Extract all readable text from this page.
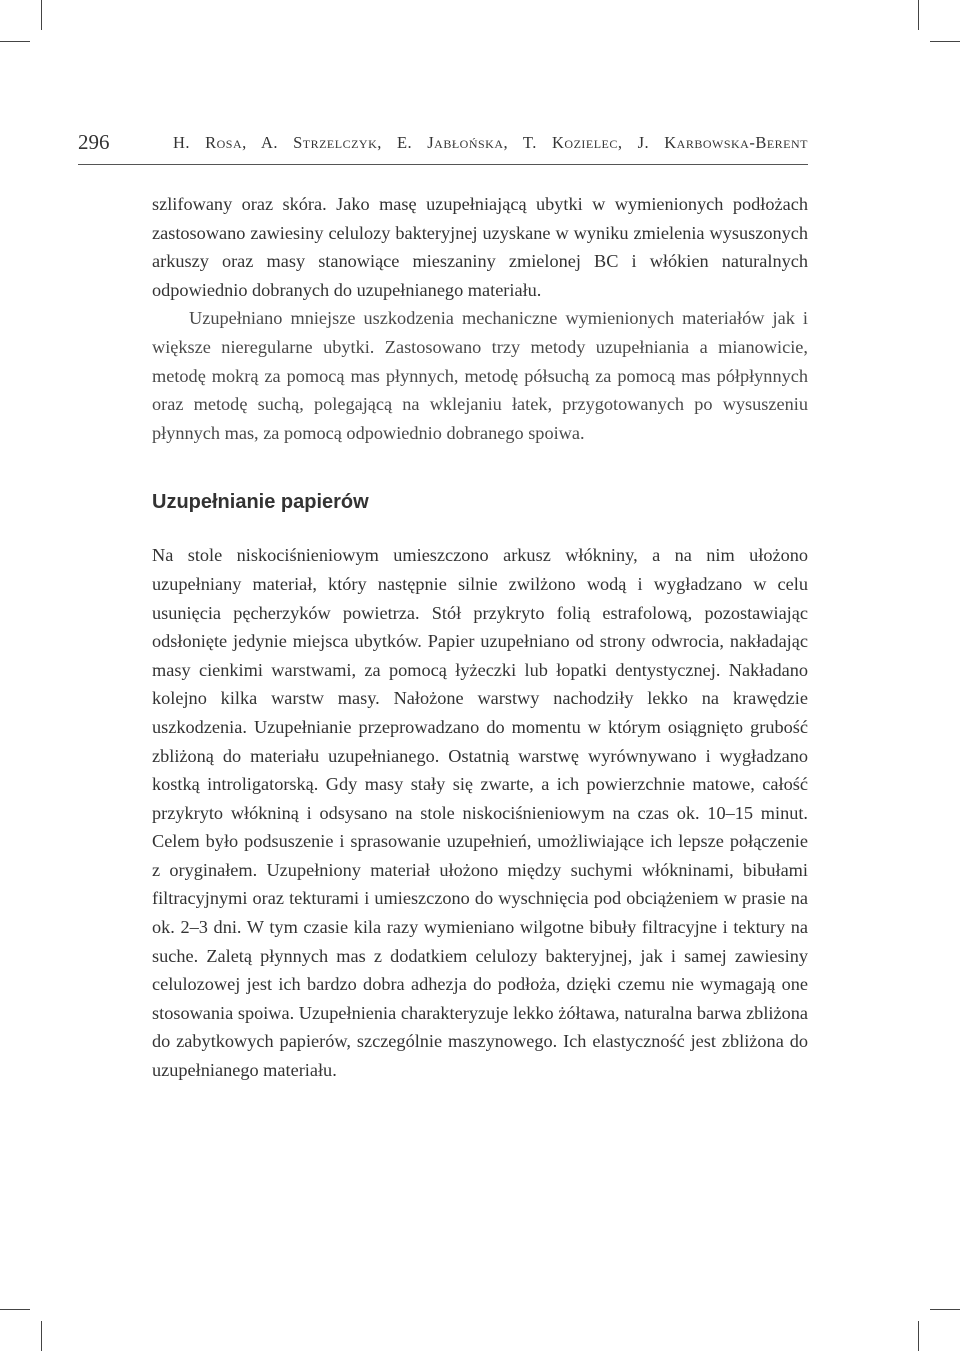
296	H. Rosa, A. Strzelczyk, E. Jabłońska, T. Kozielec, J. Karbowska-Berent

szlifowany oraz skóra. Jako masę uzupełniającą ubytki w wymienionych podłożach zastosowano zawiesiny celulozy bakteryjnej uzyskane w wyniku zmielenia wysuszonych arkuszy oraz masy stanowiące mieszaniny zmielonej BC i włókien naturalnych odpowiednio dobranych do uzupełnianego materiału.

Uzupełniano mniejsze uszkodzenia mechaniczne wymienionych materiałów jak i większe nieregularne ubytki. Zastosowano trzy metody uzupełniania a mianowicie, metodę mokrą za pomocą mas płynnych, metodę półsuchą za pomocą mas półpłynnych oraz metodę suchą, polegającą na wklejaniu łatek, przygotowanych po wysuszeniu płynnych mas, za pomocą odpowiednio dobranego spoiwa.

Uzupełnianie papierów

Na stole niskociśnieniowym umieszczono arkusz włókniny, a na nim ułożono uzupełniany materiał, który następnie silnie zwilżono wodą i wygładzano w celu usunięcia pęcherzyków powietrza. Stół przykryto folią estrafolową, pozostawiając odsłonięte jedynie miejsca ubytków. Papier uzupełniano od strony odwrocia, nakładając masy cienkimi warstwami, za pomocą łyżeczki lub łopatki dentystycznej. Nakładano kolejno kilka warstw masy. Nałożone warstwy nachodziły lekko na krawędzie uszkodzenia. Uzupełnianie przeprowadzano do momentu w którym osiągnięto grubość zbliżoną do materiału uzupełnianego. Ostatnią warstwę wyrównywano i wygładzano kostką introligatorską. Gdy masy stały się zwarte, a ich powierzchnie matowe, całość przykryto włókniną i odsysano na stole niskociśnieniowym na czas ok. 10–15 minut. Celem było podsuszenie i sprasowanie uzupełnień, umożliwiające ich lepsze połączenie z oryginałem. Uzupełniony materiał ułożono między suchymi włókninami, bibułami filtracyjnymi oraz tekturami i umieszczono do wyschnięcia pod obciążeniem w prasie na ok. 2–3 dni. W tym czasie kila razy wymieniano wilgotne bibuły filtracyjne i tektury na suche. Zaletą płynnych mas z dodatkiem celulozy bakteryjnej, jak i samej zawiesiny celulozowej jest ich bardzo dobra adhezja do podłoża, dzięki czemu nie wymagają one stosowania spoiwa. Uzupełnienia charakteryzuje lekko żółtawa, naturalna barwa zbliżona do zabytkowych papierów, szczególnie maszynowego. Ich elastyczność jest zbliżona do uzupełnianego materiału.
